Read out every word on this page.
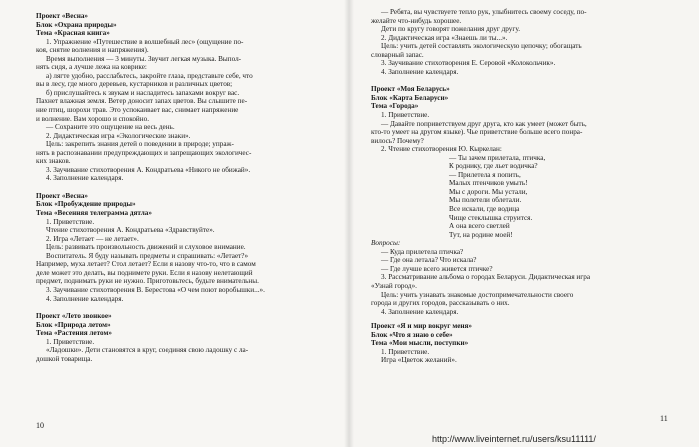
Проект «Весна»

Блок «Охрана природы»

Тема «Красная книга»

1. Упражнение «Путешествие в волшебный лес» (ощущение по-

коя, снятие волнения и напряжения).

Время выполнения — 3 минуты. Звучит легкая музыка. Выпол-

нять сидя, а лучше лежа на коврике:

а) лягте удобно, расслабьтесь, закройте глаза, представьте себе, что

вы в лесу, где много деревьев, кустарников и различных цветов;

б) прислушайтесь к звукам и насладитесь запахами вокруг вас.

Пахнет влажная земля. Ветер доносит запах цветов. Вы слышите пе-

ние птиц, шорохи трав. Это успокаивает вас, снимает напряжение

и волнение. Вам хорошо и спокойно.

— Сохраните это ощущение на весь день.

2. Дидактическая игра «Экологические знаки».

Цель: закрепить знания детей о поведении в природе; упраж-

нять в распознавании предупреждающих и запрещающих экологичес-

ких знаков.

3. Заучивание стихотворения А. Кондратьева «Никого не обижай».

4. Заполнение календаря.

Проект «Весна»

Блок «Пробуждение природы»

Тема «Весенняя телеграмма дятла»

1. Приветствие.

Чтение стихотворения А. Кондратьева «Здравствуйте».

2. Игра «Летает — не летает».

Цель: развивать произвольность движений и слуховое внимание.

Воспитатель. Я буду называть предметы и спрашивать: «Летает?»

Например, муха летает? Стол летает? Если я назову что-то, что в самом

деле может это делать, вы поднимете руки. Если я назову нелетающий

предмет, поднимать руки не нужно. Приготовьтесь, будьте внимательны.

3. Заучивание стихотворения В. Берестова «О чем поют воробышки...».

4. Заполнение календаря.

Проект «Лето звонкое»

Блок «Природа летом»

Тема «Растения летом»

1. Приветствие.

«Ладошки». Дети становятся в круг, соединяя свою ладошку с ла-

дошкой товарища.

— Ребята, вы чувствуете тепло рук, улыбнитесь своему соседу, по-

желайте что-нибудь хорошее.

Дети по кругу говорят пожелания друг другу.

2. Дидактическая игра «Знаешь ли ты...».

Цель: учить детей составлять экологическую цепочку; обогащать

словарный запас.

3. Заучивание стихотворения Е. Серовой «Колокольчик».

4. Заполнение календаря.

Проект «Моя Беларусь»

Блок «Карта Беларуси»

Тема «Города»

1. Приветствие.

— Давайте поприветствуем друг друга, кто как умеет (может быть,

кто-то умеет на другом языке). Чье приветствие больше всего понра-

вилось? Почему?

2. Чтение стихотворения Ю. Кыркелан:

— Ты зачем прилетала, птичка,

К роднику, где льет водичка?

— Прилетела я попить,

Малых птенчиков умыть!

Мы с дороги. Мы устали,

Мы полетели облетали.

Все искали, где водица

Чище стеклышка струится.

А она всего светлей

Тут, на родине моей!

Вопросы:

— Куда прилетела птичка?

— Где она летала? Что искала?

— Где лучше всего живется птичке?

3. Рассматривание альбома о городах Беларуси. Дидактическая игра

«Узнай город».

Цель: учить узнавать знакомые достопримечательности своего

города и других городов, рассказывать о них.

4. Заполнение календаря.

Проект «Я и мир вокруг меня»

Блок «Что я знаю о себе»

Тема «Мои мысли, поступки»

1. Приветствие.

Игра «Цветок желаний».

10
11
http://www.liveinternet.ru/users/ksu11111/
